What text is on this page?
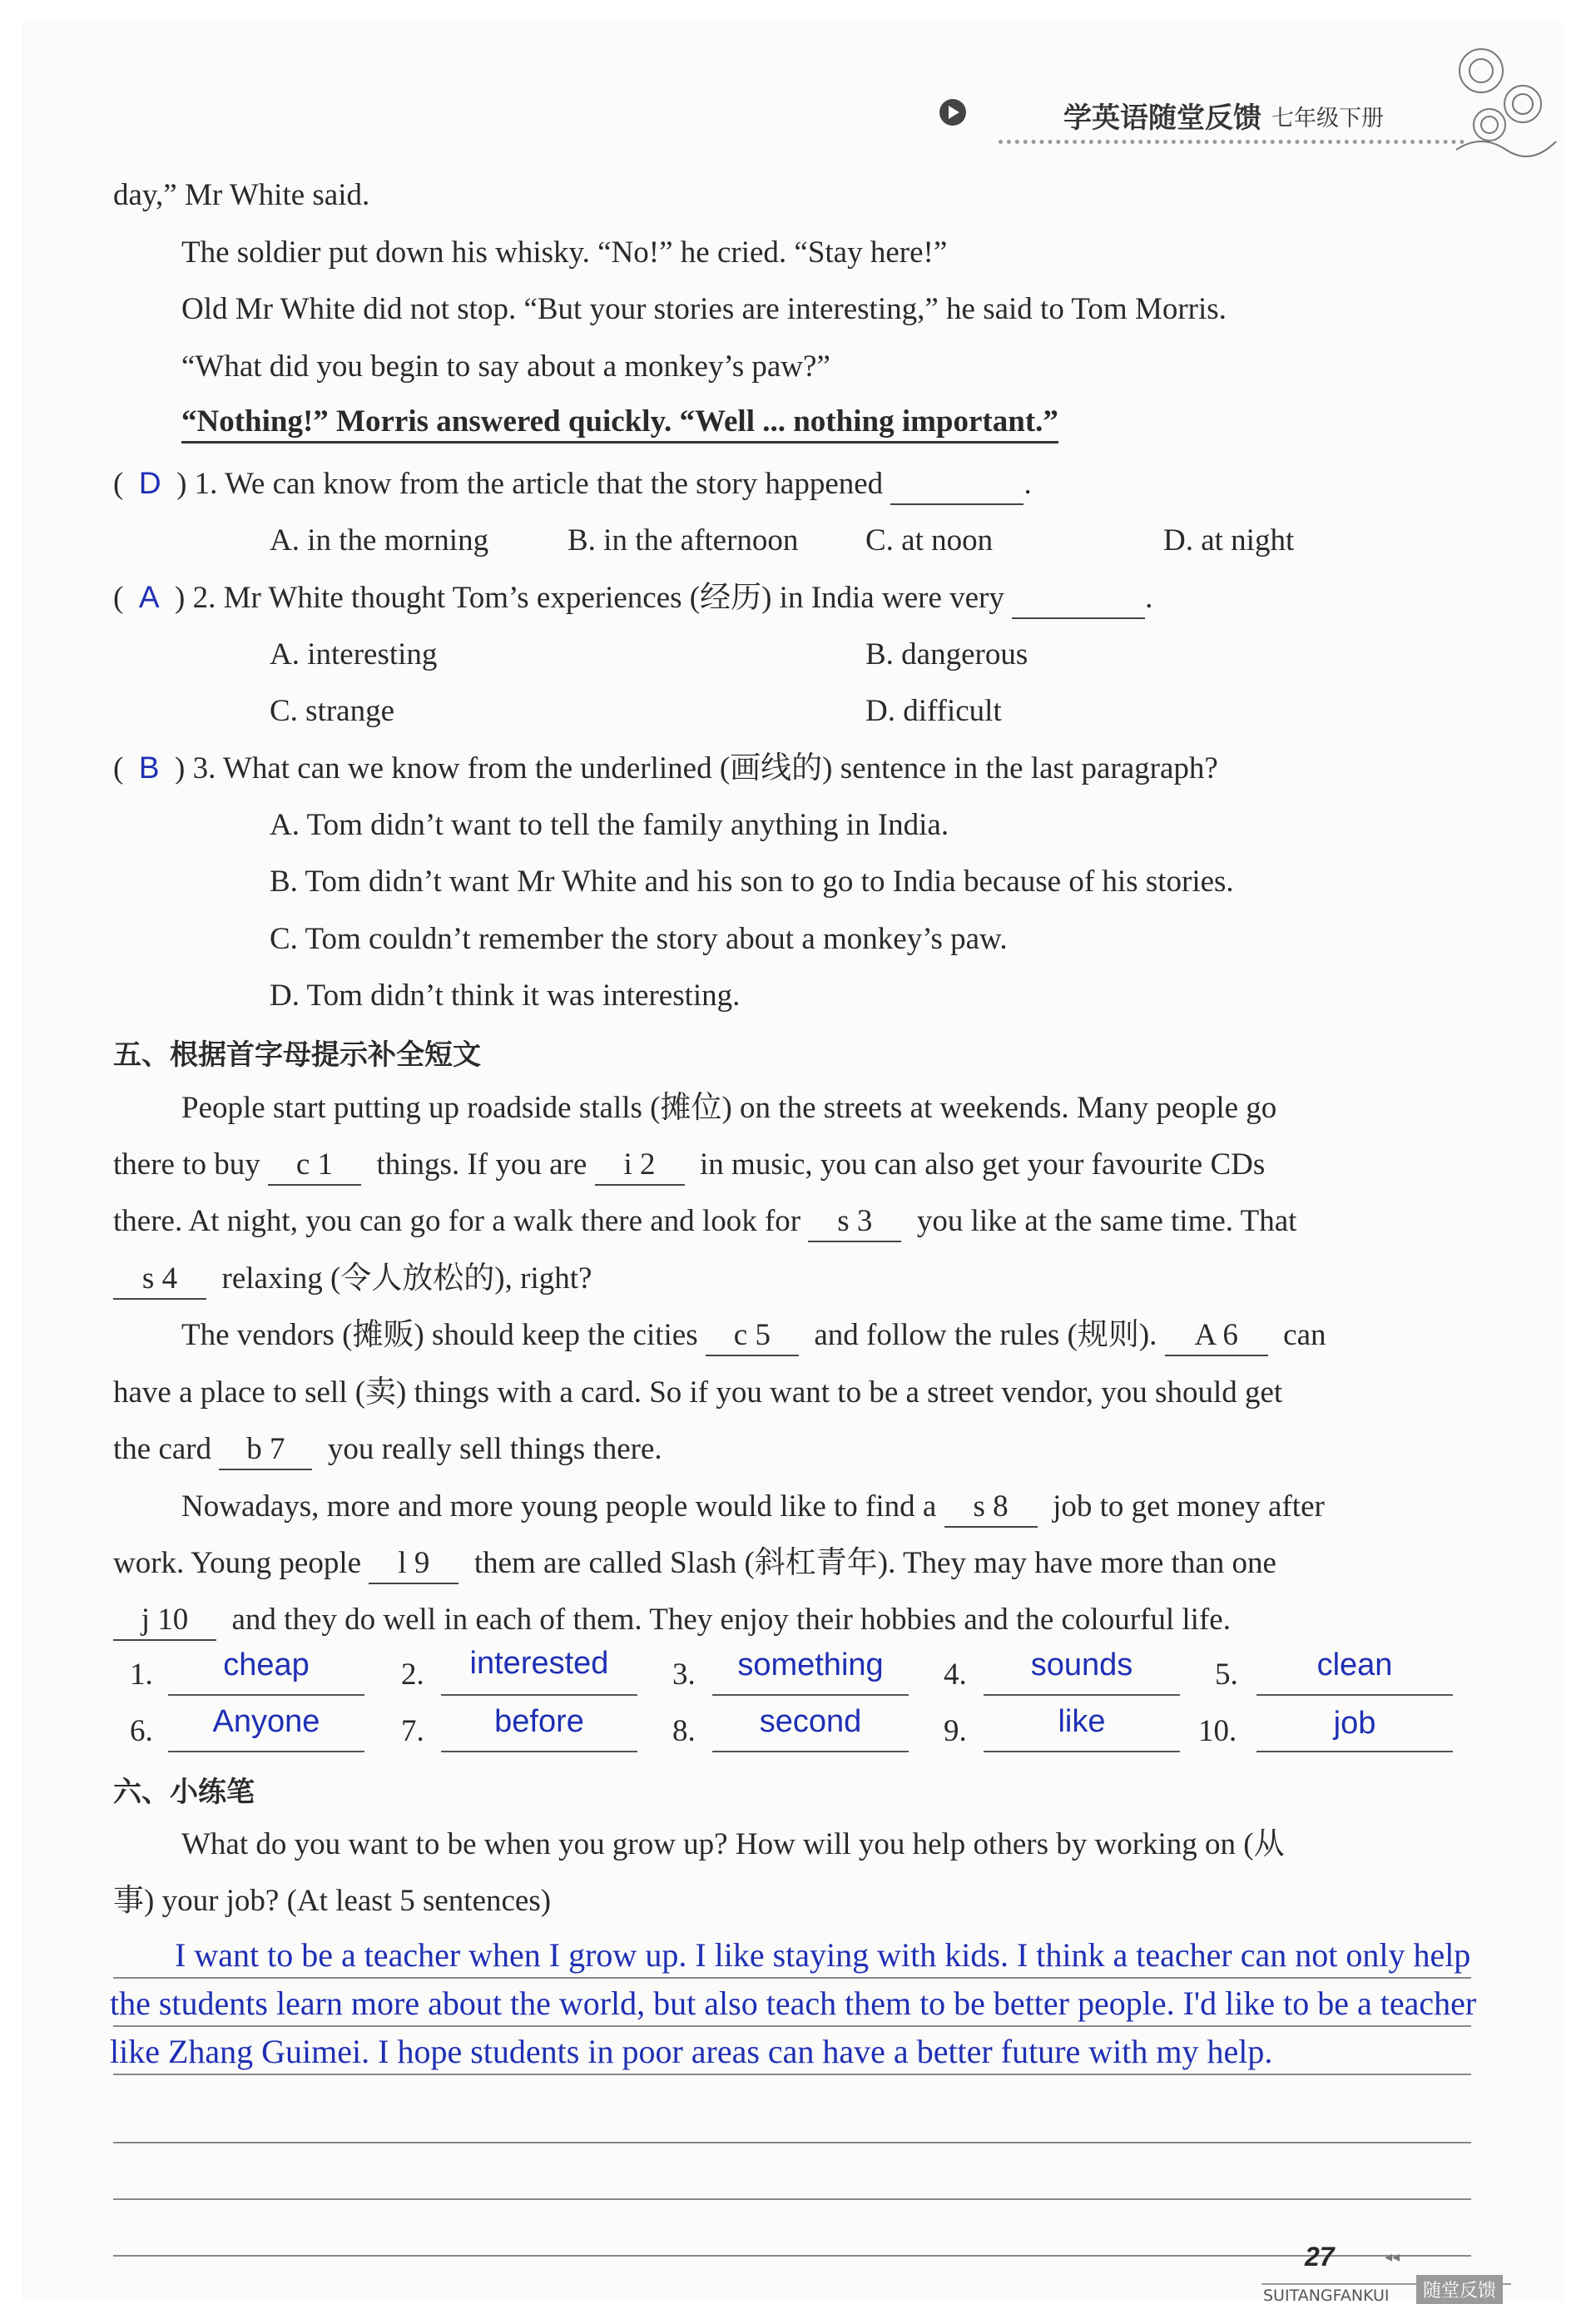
学英语随堂反馈 七年级下册
day,” Mr White said.
The soldier put down his whisky. “No!” he cried. “Stay here!”
Old Mr White did not stop. “But your stories are interesting,” he said to Tom Morris.
“What did you begin to say about a monkey’s paw?”
“Nothing!” Morris answered quickly. “Well ... nothing important.”
(  D  ) 1. We can know from the article that the story happened	.
A. in the morning	B. in the afternoon C. at noon	D. at night
(  A  ) 2. Mr White thought Tom’s experiences (经历) in India were very	.
A. interesting	B. dangerous
C. strange	D. difficult
(  B  ) 3. What can we know from the underlined (画线的) sentence in the last paragraph?
A. Tom didn’t want to tell the family anything in India.
B. Tom didn’t want Mr White and his son to go to India because of his stories.
C. Tom couldn’t remember the story about a monkey’s paw.
D. Tom didn’t think it was interesting.
五、根据首字母提示补全短文
People start putting up roadside stalls (摊位) on the streets at weekends. Many people go
there to buy c 1 things. If you are i 2 in music, you can also get your favourite CDs
there. At night, you can go for a walk there and look for s 3 you like at the same time. That
s 4 relaxing (令人放松的), right?
The vendors (摊贩) should keep the cities c 5 and follow the rules (规则). A 6 can
have a place to sell (卖) things with a card. So if you want to be a street vendor, you should get
the card b 7 you really sell things there.
Nowadays, more and more young people would like to find a s 8 job to get money after
work. Young people l 9 them are called Slash (斜杠青年). They may have more than one
j 10 and they do well in each of them. They enjoy their hobbies and the colourful life.
1.	cheap	2.	interested	3.	something	4.	sounds	5.	clean
6.	Anyone	7.	before	8.	second	9.	like	10.	job
六、小练笔
What do you want to be when you grow up? How will you help others by working on (从
事) your job? (At least 5 sentences)
I want to be a teacher when I grow up. I like staying with kids. I think a teacher can not only help
the students learn more about the world, but also teach them to be better people. I'd like to be a teacher
like Zhang Guimei. I hope students in poor areas can have a better future with my help.
27	◂◂
SUITANGFANKUI	随堂反馈
